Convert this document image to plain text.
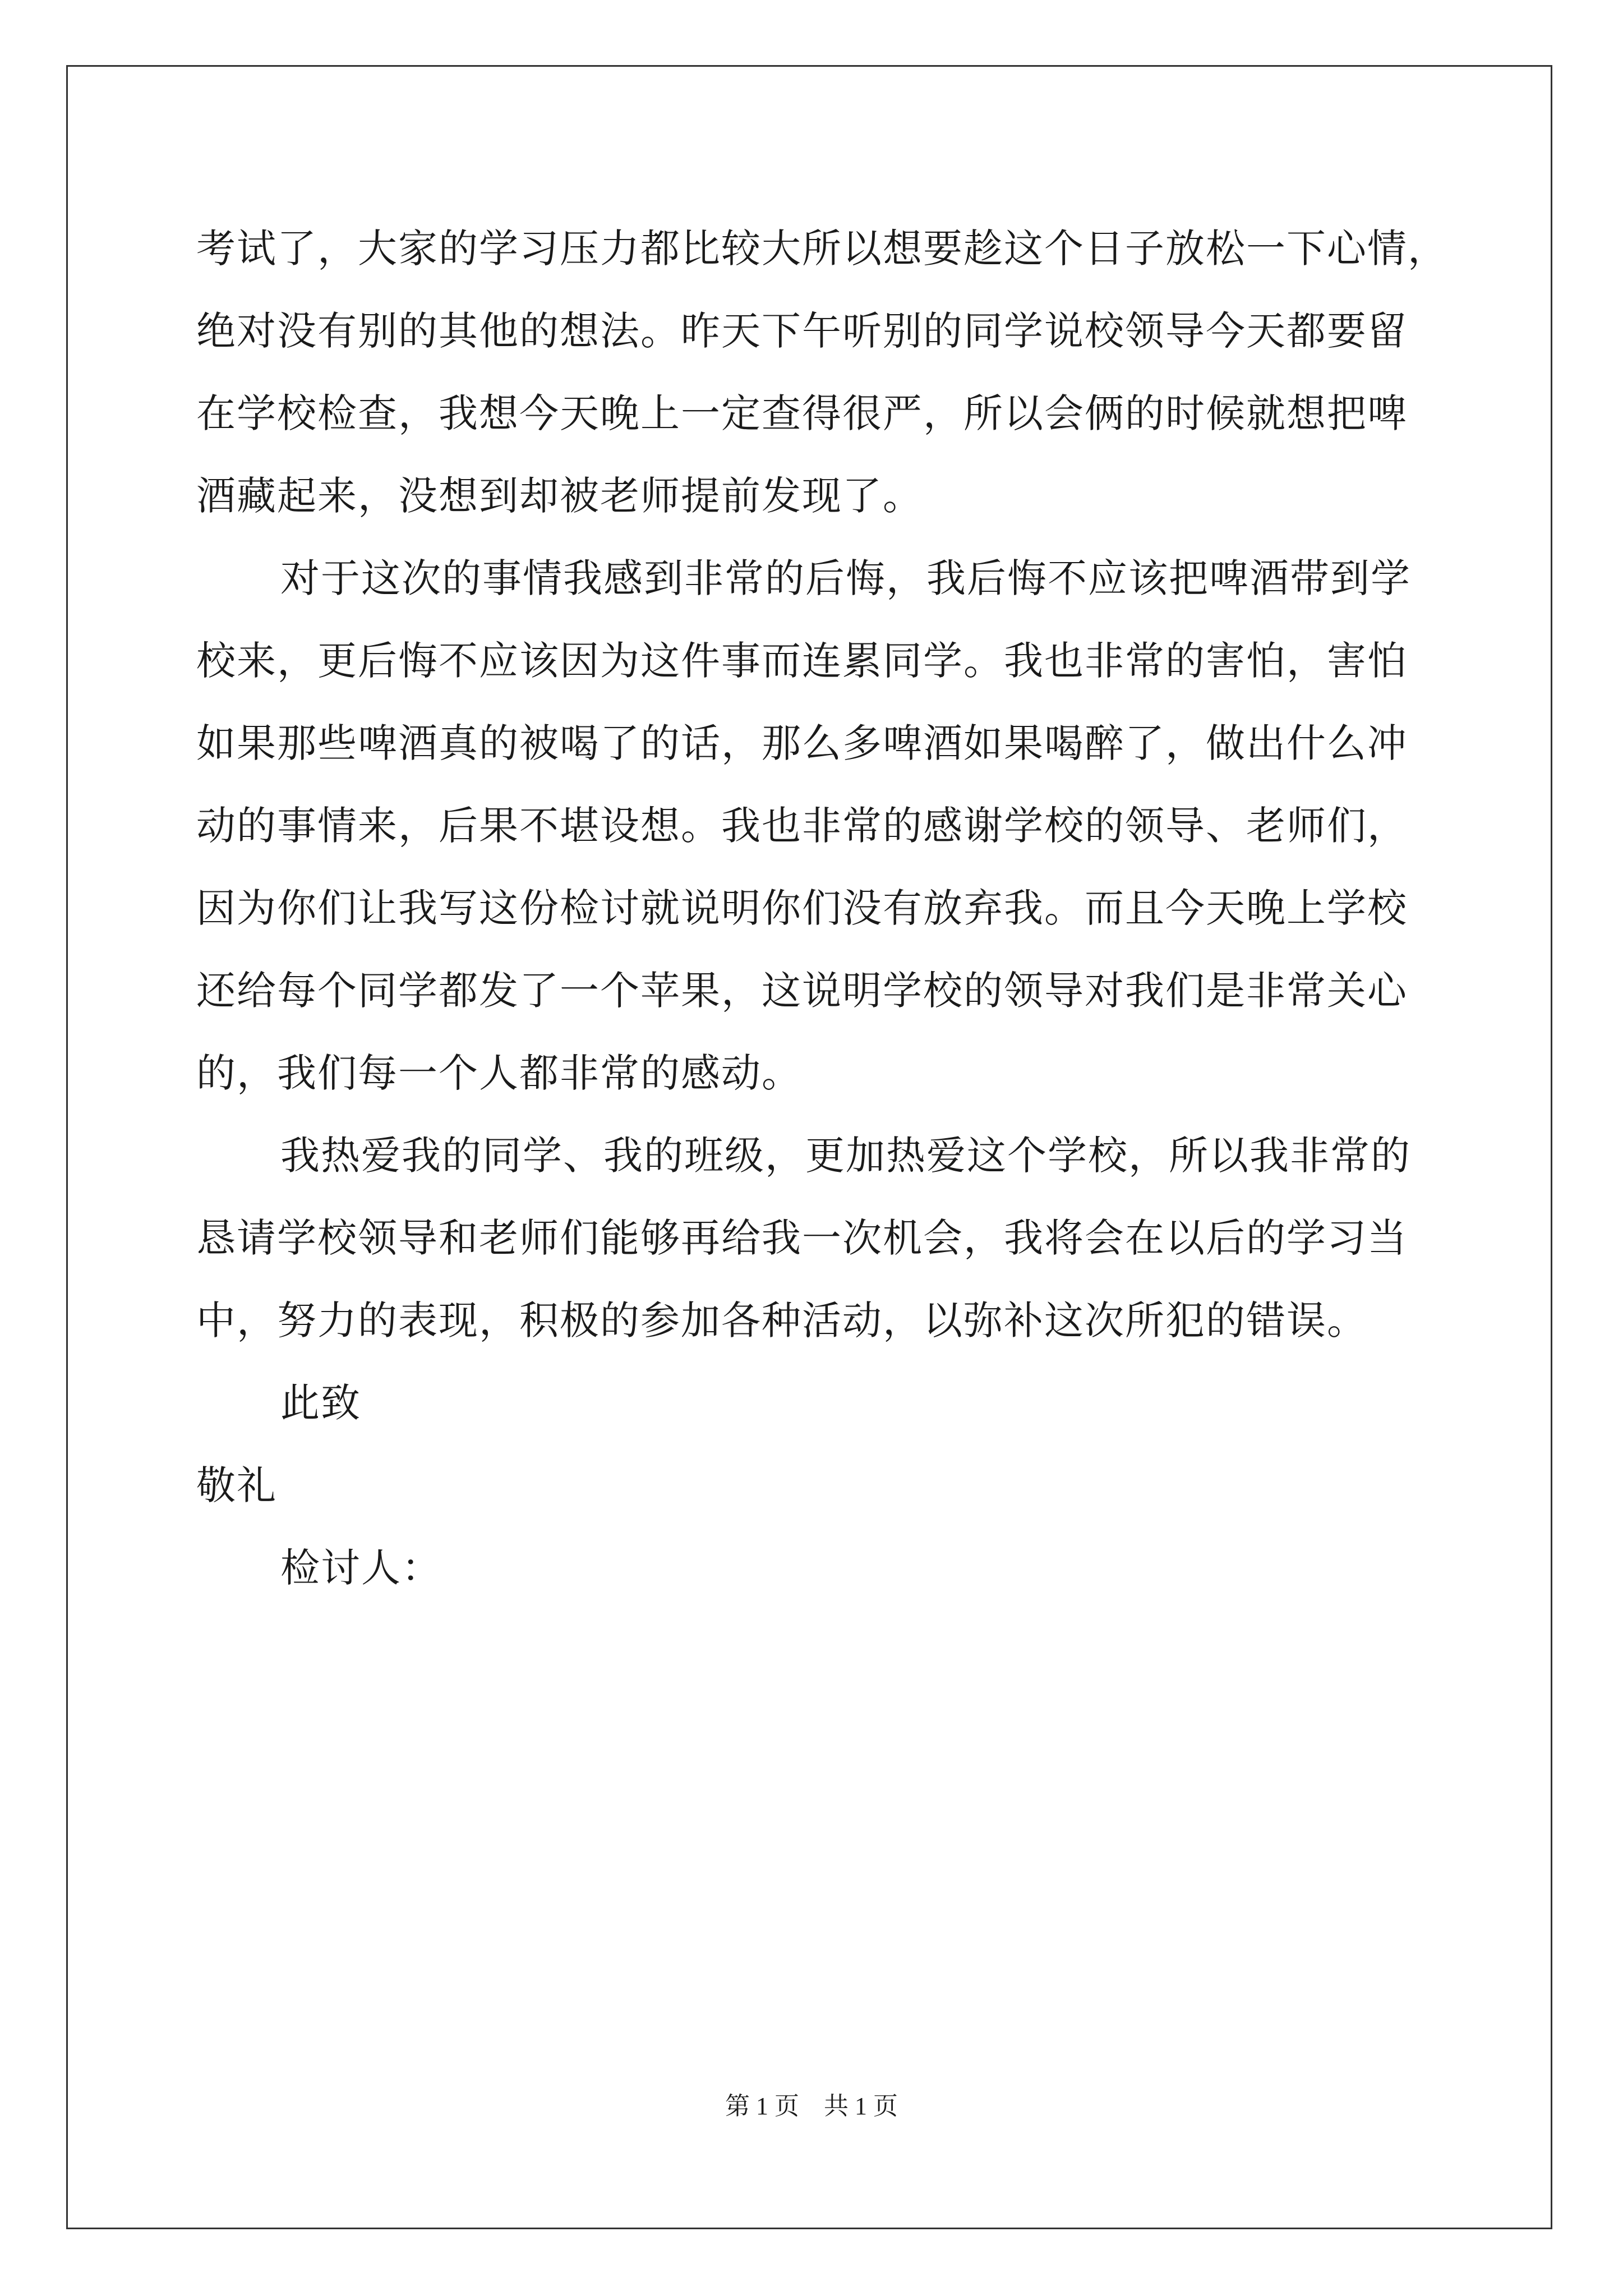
考试了，大家的学习压力都比较大所以想要趁这个日子放松一下心情，

绝对没有别的其他的想法。昨天下午听别的同学说校领导今天都要留

在学校检查，我想今天晚上一定查得很严，所以会俩的时候就想把啤

酒藏起来，没想到却被老师提前发现了。

对于这次的事情我感到非常的后悔，我后悔不应该把啤酒带到学

校来，更后悔不应该因为这件事而连累同学。我也非常的害怕，害怕

如果那些啤酒真的被喝了的话，那么多啤酒如果喝醉了，做出什么冲

动的事情来，后果不堪设想。我也非常的感谢学校的领导、老师们，

因为你们让我写这份检讨就说明你们没有放弃我。而且今天晚上学校

还给每个同学都发了一个苹果，这说明学校的领导对我们是非常关心

的，我们每一个人都非常的感动。

我热爱我的同学、我的班级，更加热爱这个学校，所以我非常的

恳请学校领导和老师们能够再给我一次机会，我将会在以后的学习当

中，努力的表现，积极的参加各种活动，以弥补这次所犯的错误。

此致

敬礼

检讨人：

第 1 页　共 1 页
